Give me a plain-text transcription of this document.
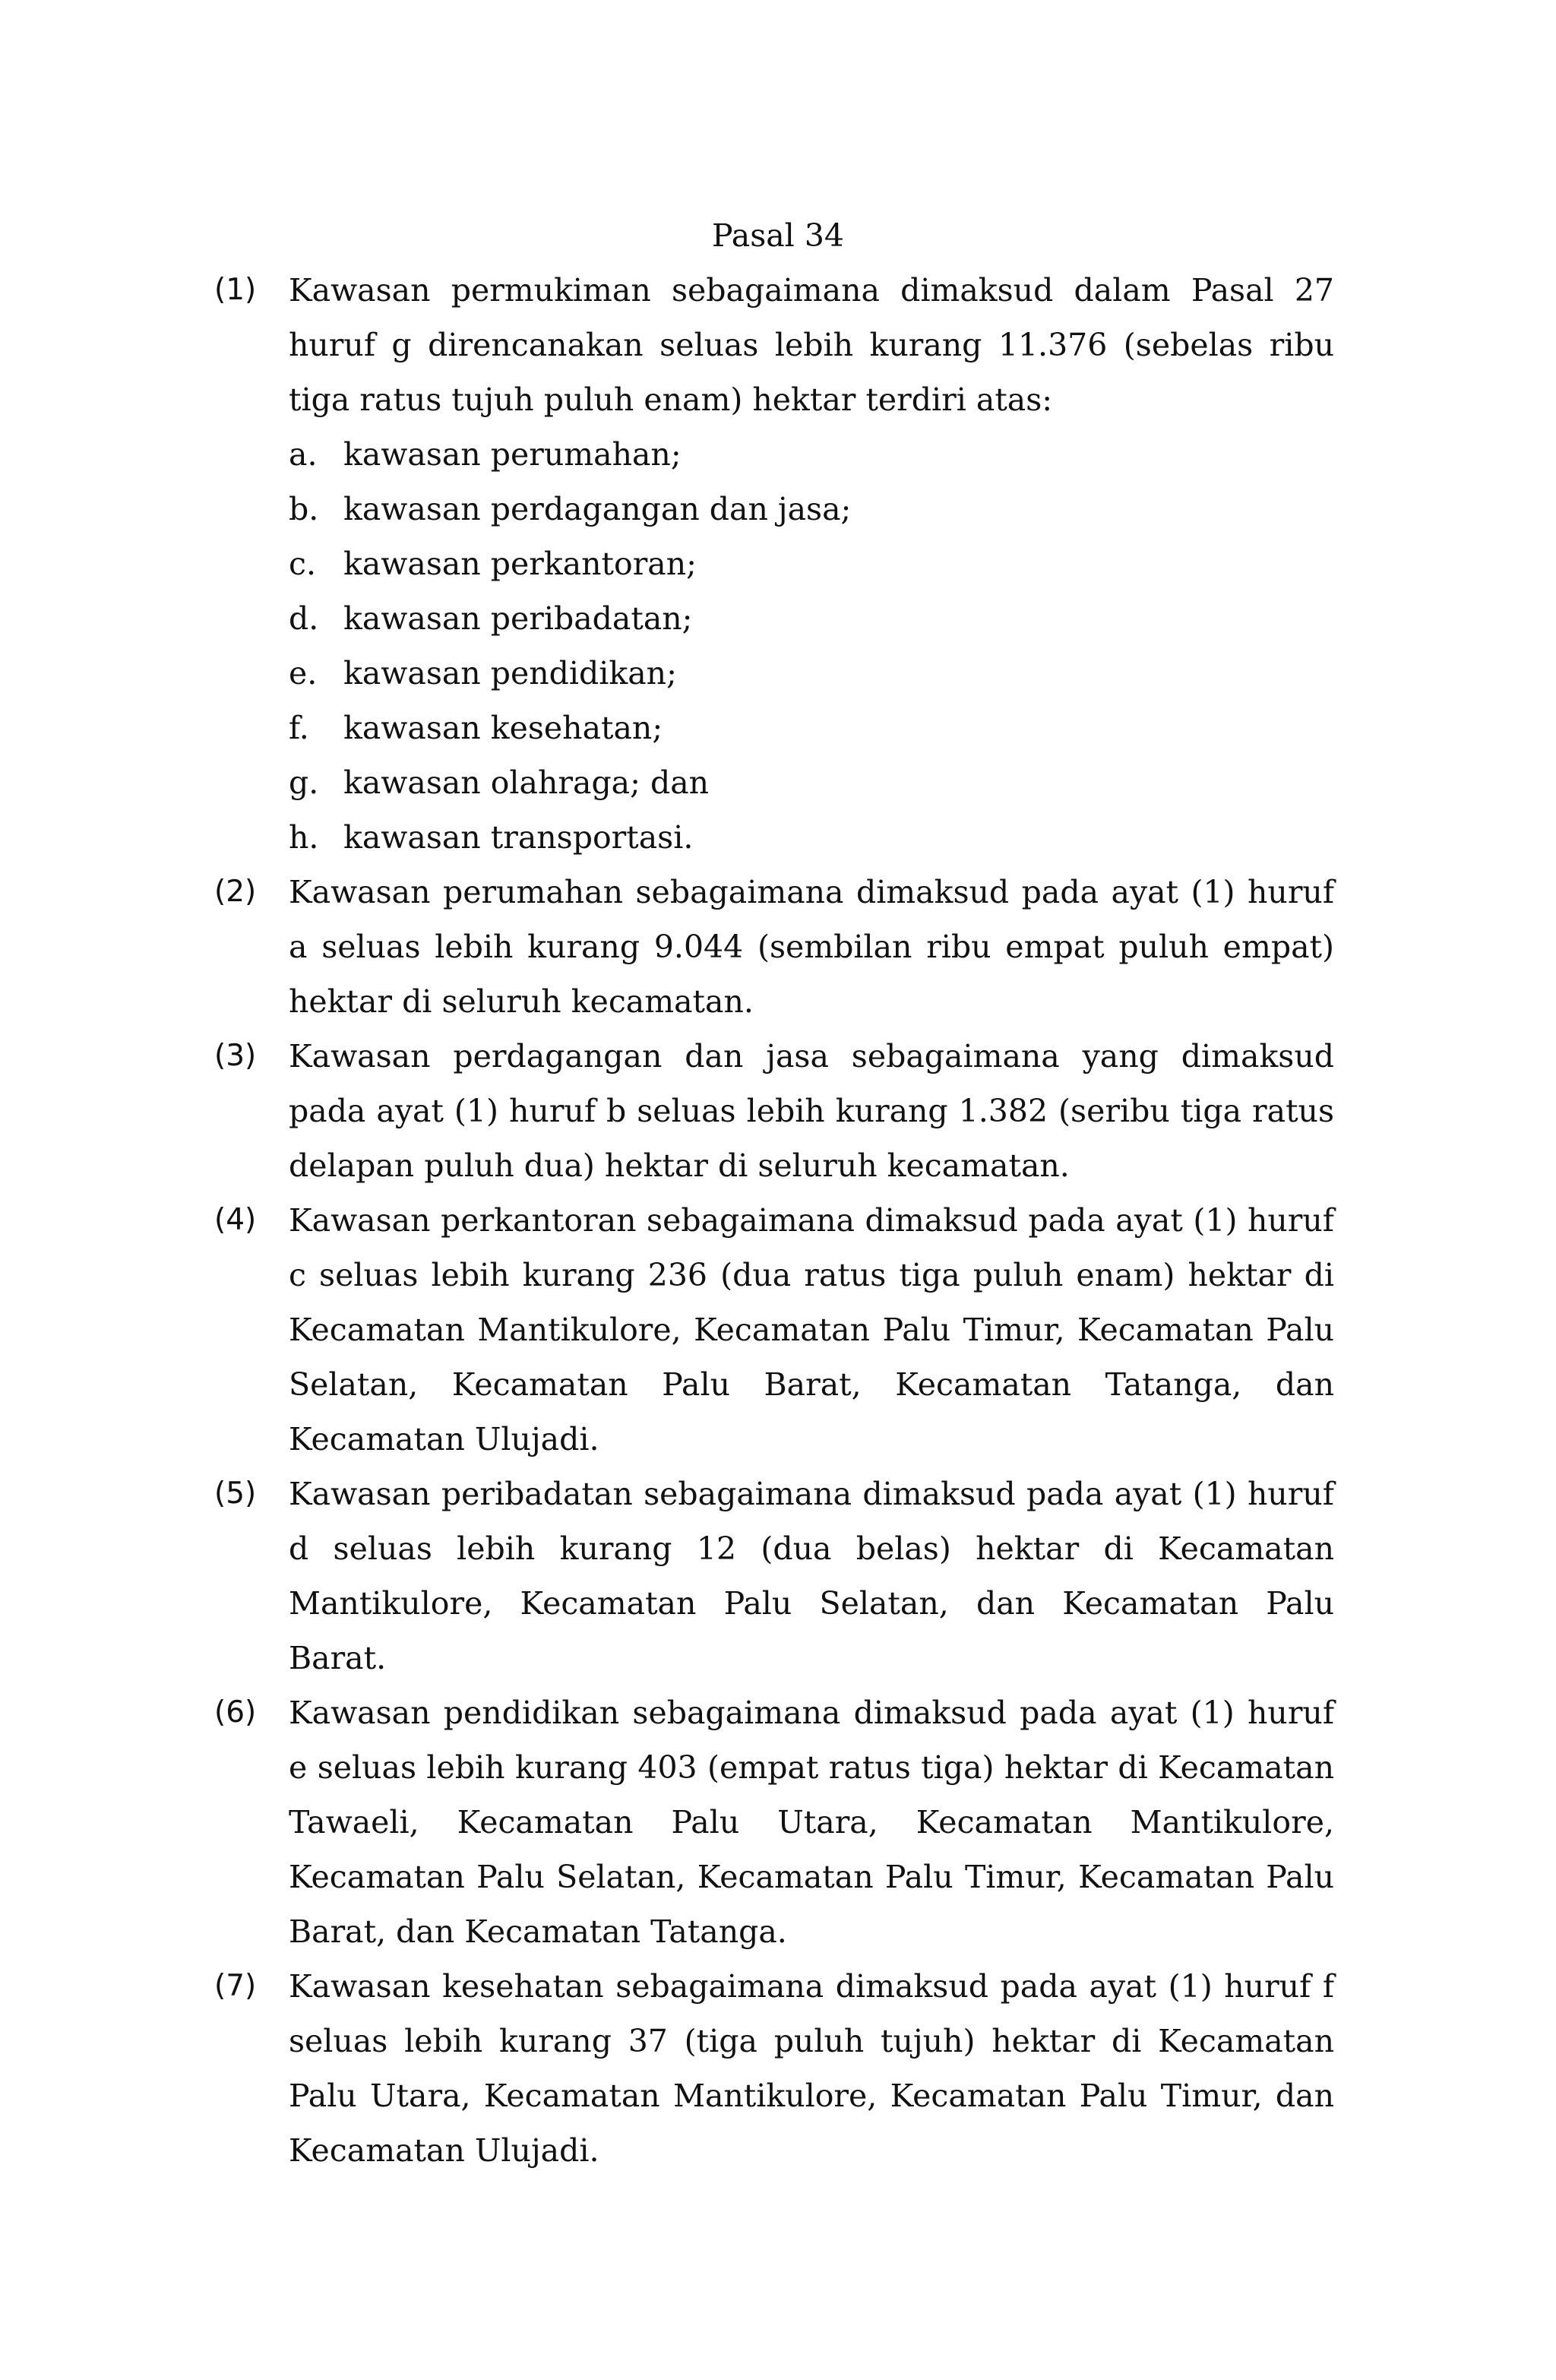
Pasal 34
(1)	Kawasan permukiman sebagaimana dimaksud dalam Pasal 27 huruf g direncanakan seluas lebih kurang 11.376 (sebelas ribu tiga ratus tujuh puluh enam) hektar terdiri atas:
a. kawasan perumahan;
b. kawasan perdagangan dan jasa;
c. kawasan perkantoran;
d. kawasan peribadatan;
e. kawasan pendidikan;
f.	kawasan kesehatan;
g. kawasan olahraga; dan
h. kawasan transportasi.
(2)	Kawasan perumahan sebagaimana dimaksud pada ayat (1) huruf a seluas lebih kurang 9.044 (sembilan ribu empat puluh empat) hektar di seluruh kecamatan.
(3)	Kawasan perdagangan dan jasa sebagaimana yang dimaksud pada ayat (1) huruf b seluas lebih kurang 1.382 (seribu tiga ratus delapan puluh dua) hektar di seluruh kecamatan.
(4)	Kawasan perkantoran sebagaimana dimaksud pada ayat (1) huruf c seluas lebih kurang 236 (dua ratus tiga puluh enam) hektar di Kecamatan Mantikulore, Kecamatan Palu Timur, Kecamatan Palu Selatan, Kecamatan Palu Barat, Kecamatan Tatanga, dan Kecamatan Ulujadi.
(5)	Kawasan peribadatan sebagaimana dimaksud pada ayat (1) huruf d seluas lebih kurang 12 (dua belas) hektar di Kecamatan Mantikulore, Kecamatan Palu Selatan, dan Kecamatan Palu Barat.
(6)	Kawasan pendidikan sebagaimana dimaksud pada ayat (1) huruf e seluas lebih kurang 403 (empat ratus tiga) hektar di Kecamatan Tawaeli, Kecamatan Palu Utara, Kecamatan Mantikulore, Kecamatan Palu Selatan, Kecamatan Palu Timur, Kecamatan Palu Barat, dan Kecamatan Tatanga.
(7)	Kawasan kesehatan sebagaimana dimaksud pada ayat (1) huruf f seluas lebih kurang 37 (tiga puluh tujuh) hektar di Kecamatan Palu Utara, Kecamatan Mantikulore, Kecamatan Palu Timur, dan Kecamatan Ulujadi.
